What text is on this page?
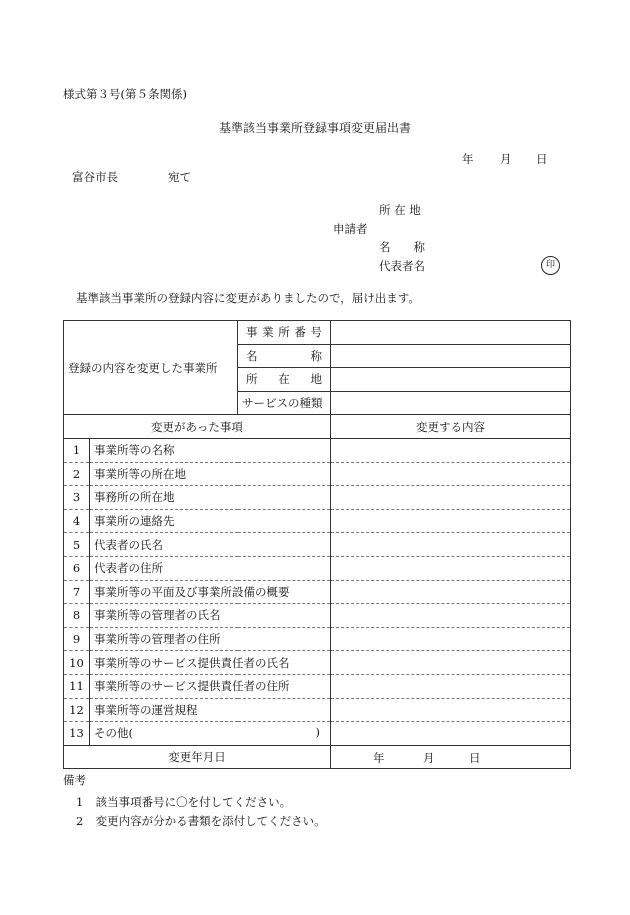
様式第３号(第５条関係)
基準該当事業所登録事項変更届出書
年 月 日
富谷市長	宛て
所 在 地
申請者
名　　称
代表者名	印
基準該当事業所の登録内容に変更がありましたので，届け出ます。
登録の内容を変更した事業所		事 業 所 番 号	

		名 称	

		所 在 地	

		サービスの種類	
変更があった事項			変更する内容
1	事業所等の名称		
2	事業所等の所在地		
3	事務所の所在地		
4	事業所の連絡先		
5	代表者の氏名		
6	代表者の住所		
7	事業所等の平面及び事業所設備の概要		
8	事業所等の管理者の氏名		
9	事業所等の管理者の住所		
10	事業所等のサービス提供責任者の氏名		
11	事業所等のサービス提供責任者の住所		
12	事業所等の運営規程		
13	その他( )		

変更年月日			年 月 日
備考
1 該当事項番号に〇を付してください。
2 変更内容が分かる書類を添付してください。
